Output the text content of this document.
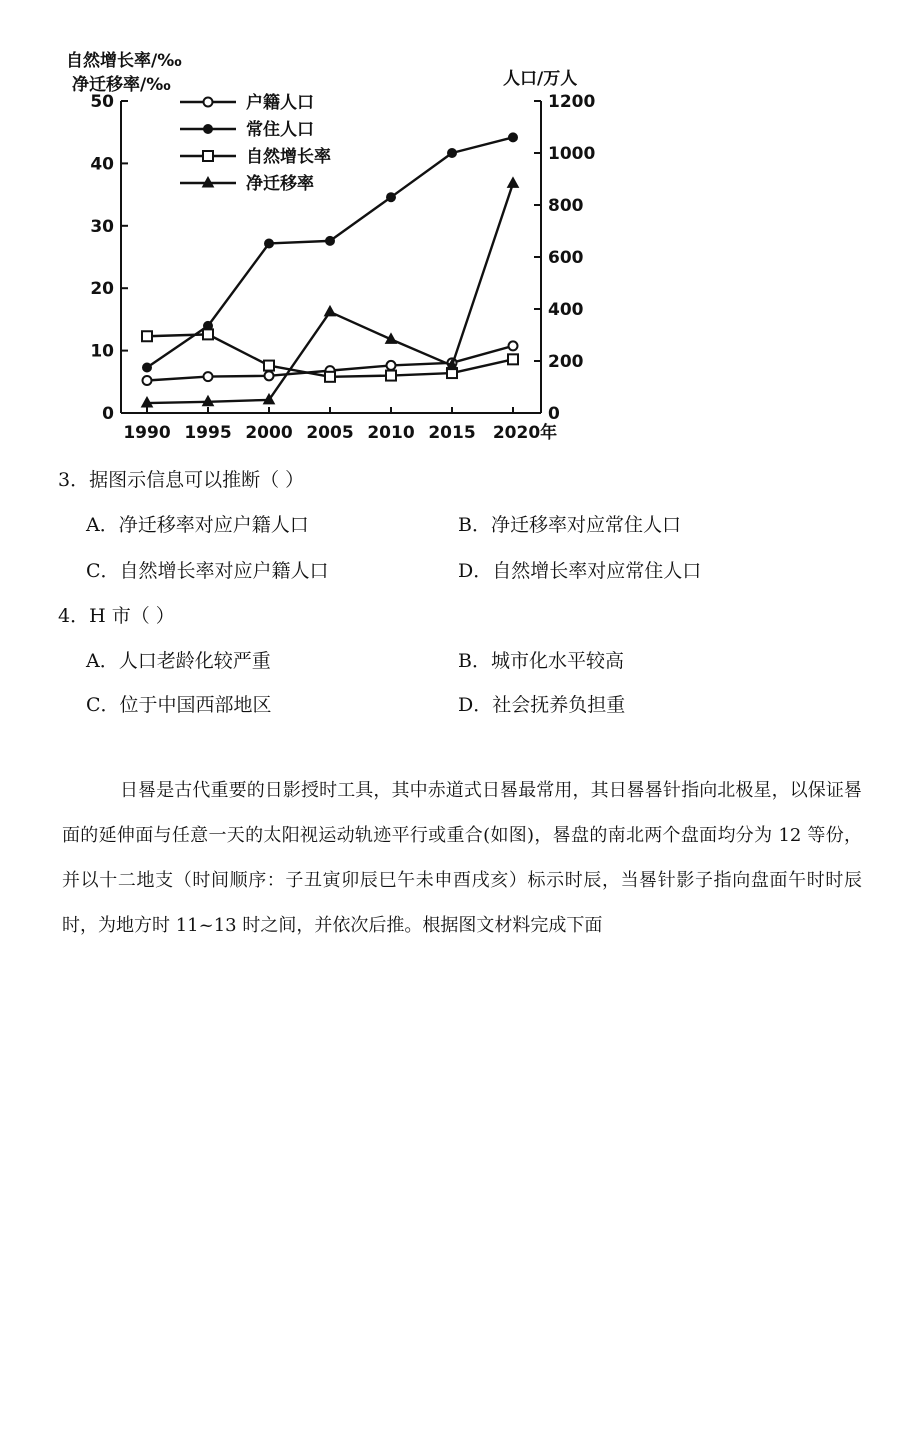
自然增长率/‰
净迁移率/‰	人口/万人
0
10
20
30
40
50
0
200
400
600
800
1000
1200
1990 1995 2000 2005 2010 2015 2020年
户籍人口
常住人口
自然增长率
净迁移率
3．据图示信息可以推断（ ）
A．净迁移率对应户籍人口	B．净迁移率对应常住人口
C．自然增长率对应户籍人口	D．自然增长率对应常住人口
4．H 市（ ）
A．人口老龄化较严重	B．城市化水平较高
C．位于中国西部地区	D．社会抚养负担重

日晷是古代重要的日影授时工具，其中赤道式日晷最常用，其日晷晷针指向北极星，以保证晷面的延伸面与任意一天的太阳视运动轨迹平行或重合(如图)，晷盘的南北两个盘面均分为 12 等份，并以十二地支（时间顺序：子丑寅卯辰巳午未申酉戌亥）标示时辰，当晷针影子指向盘面午时时辰时，为地方时 11~13 时之间，并依次后推。根据图文材料完成下面
